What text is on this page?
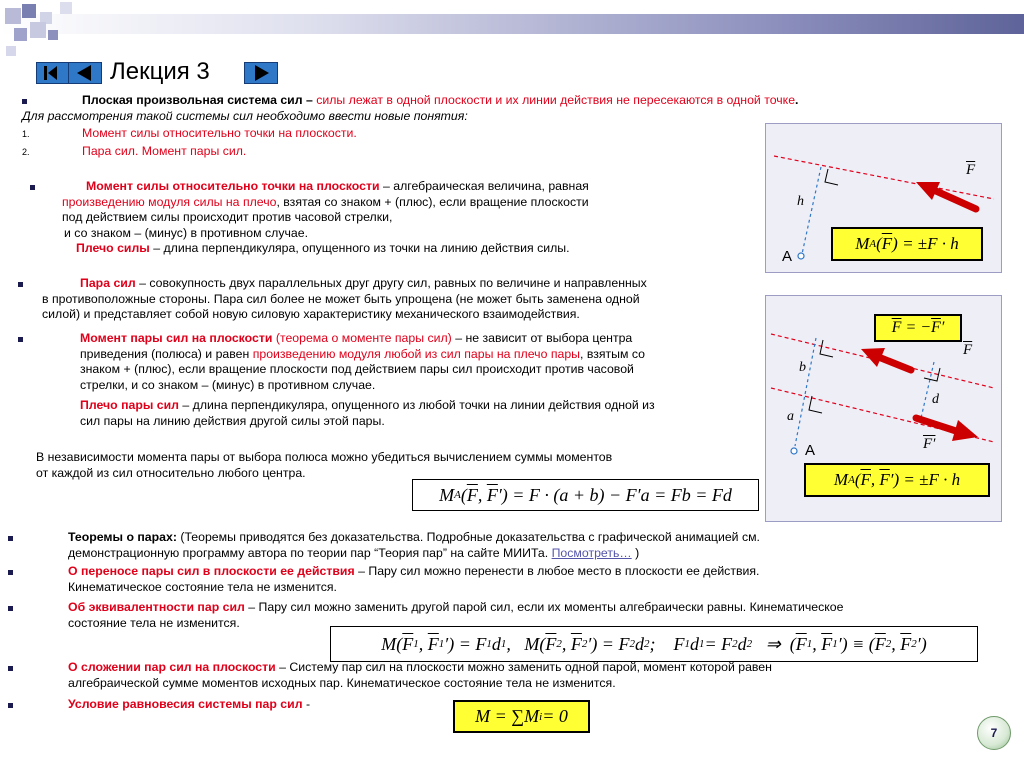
Лекция 3
Плоская произвольная система сил – силы лежат в одной плоскости и их линии действия не пересекаются в одной точке.
Для рассмотрения такой системы сил необходимо ввести новые понятия:
1.	Момент силы относительно точки на плоскости.
2.	Пара сил. Момент пары сил.
Момент силы относительно точки на плоскости – алгебраическая величина, равная
произведению модуля силы на плечо, взятая со знаком + (плюс), если вращение плоскости
под действием силы происходит против часовой стрелки,
и со знаком – (минус) в противном случае.
Плечо силы – длина перпендикуляра, опущенного из точки на линию действия силы.
Пара сил – совокупность двух параллельных друг другу сил, равных по величине и направленных
в противоположные стороны. Пара сил более не может быть упрощена (не может быть заменена одной
силой) и представляет собой новую силовую характеристику механического взаимодействия.
Момент пары сил на плоскости (теорема о моменте пары сил) – не зависит от выбора центра
приведения (полюса) и равен произведению модуля любой из сил пары на плечо пары, взятым со
знаком + (плюс), если вращение плоскости под действием пары сил происходит против часовой
стрелки, и со знаком – (минус) в противном случае.
Плечо пары сил – длина перпендикуляра, опущенного из любой точки на линии действия одной из
сил пары на линию действия другой силы этой пары.
В независимости момента пары от выбора полюса можно убедиться вычислением суммы моментов
от каждой из сил относительно любого центра.
M A ( $\overline{F}$ , $\overline{F}$ ′) = F · (a + b) − F′a = Fb = Fd
$\overline{F}$
h
A
M A ( $\overline{F}$ ) = ±F · h
$\overline{F}$ = − $\overline{F}$ ′
$\overline{F}$
b
d
a
F′
A
M A ( $\overline{F}$ , $\overline{F}$ ′) = ±F · h
Теоремы о парах: (Теоремы приводятся без доказательства. Подробные доказательства с графической анимацией см.
демонстрационную программу автора по теории пар “Теория пар” на сайте МИИТа. Посмотреть… )
О переносе пары сил в плоскости ее действия – Пару сил можно перенести в любое место в плоскости ее действия.
Кинематическое состояние тела не изменится.
Об эквивалентности пар сил – Пару сил можно заменить другой парой сил, если их моменты алгебраически равны. Кинематическое
состояние тела не изменится.
M( $\overline{F}$ 1 , $\overline{F}$ 1 ′) = F 1 d 1 ,   M( $\overline{F}$ 2 , $\overline{F}$ 2 ′) = F 2 d 2 ;    F 1 d 1 = F 2 d 2 ⇒  ( $\overline{F}$ 1 , $\overline{F}$ 1 ′) ≡ ( $\overline{F}$ 2 , $\overline{F}$ 2 ′)
О сложении пар сил на плоскости – Систему пар сил на плоскости можно заменить одной парой, момент которой равен
алгебраической сумме моментов исходных пар. Кинематическое состояние тела не изменится.
Условие равновесия системы пар сил -
M = ∑M i = 0
7
